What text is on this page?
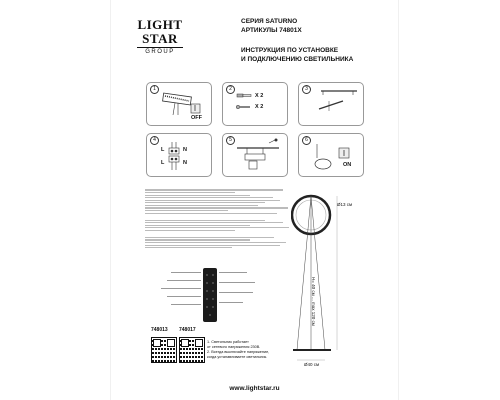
LIGHT
STAR
GROUP
СЕРИЯ SATURNO
АРТИКУЛЫ 74801X
ИНСТРУКЦИЯ ПО УСТАНОВКЕ
И ПОДКЛЮЧЕНИЮ СВЕТИЛЬНИКА
1
OFF
2
X 2
X 2
3
4
L	N
L	N
5	6
ON
748013 748017
1. Светильник работает
от сетевого напряжения 230В.
2. Всегда выключайте напряжение,
когда устанавливаете светильник.
Ø13 см
H= 40 см ... max 120 см
Ø40 см
www.lightstar.ru
